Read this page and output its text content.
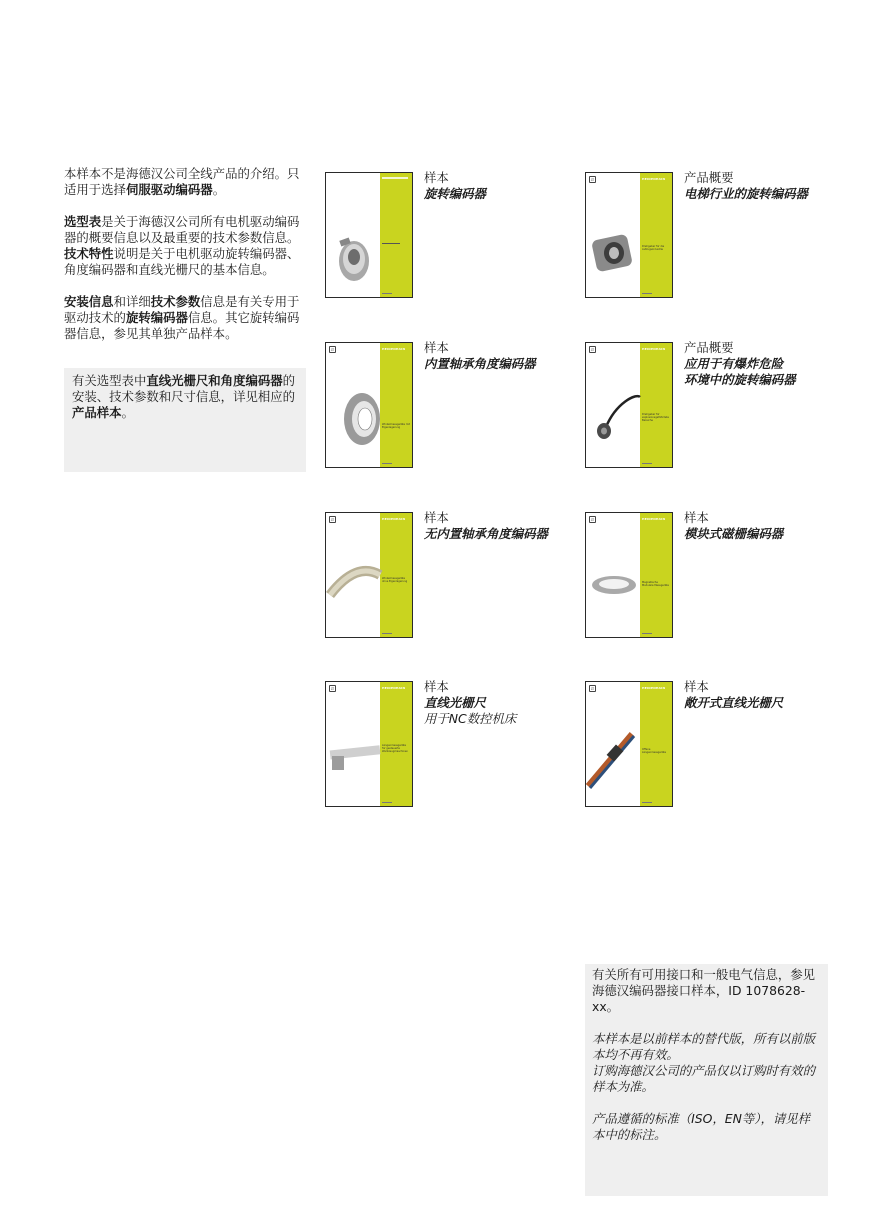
本样本不是海德汉公司全线产品的介绍。只适用于选择伺服驱动编码器。

选型表是关于海德汉公司所有电机驱动编码器的概要信息以及最重要的技术参数信息。技术特性说明是关于电机驱动旋转编码器、角度编码器和直线光栅尺的基本信息。

安装信息和详细技术参数信息是有关专用于驱动技术的旋转编码器信息。其它旋转编码器信息，参见其单独产品样本。

有关选型表中直线光栅尺和角度编码器的安装、技术参数和尺寸信息，详见相应的产品样本。
样本
旋转编码器
∅	HEIDENHAIN
Drehgeber für die Aufzugsindustrie
产品概要
电梯行业的旋转编码器
∅	HEIDENHAIN
Winkelmessgeräte mit Eigenlagerung
样本
内置轴承角度编码器
∅	HEIDENHAIN
Drehgeber für explosionsgefährdete Bereiche
产品概要
应用于有爆炸危险
环境中的旋转编码器
∅	HEIDENHAIN
Winkelmessgeräte ohne Eigenlagerung
样本
无内置轴承角度编码器
∅	HEIDENHAIN
Magnetische Modulare Messgeräte
样本
模块式磁栅编码器
∅	HEIDENHAIN
Längenmessgeräte für gesteuerte Werkzeugmaschinen
样本
直线光栅尺
用于NC数控机床
∅	HEIDENHAIN
Offene Längenmessgeräte
样本
敞开式直线光栅尺

有关所有可用接口和一般电气信息，参见海德汉编码器接口样本，ID 1078628-xx。

本样本是以前样本的替代版，所有以前版本均不再有效。
订购海德汉公司的产品仅以订购时有效的样本为准。

产品遵循的标准（ISO，EN等），请见样本中的标注。
